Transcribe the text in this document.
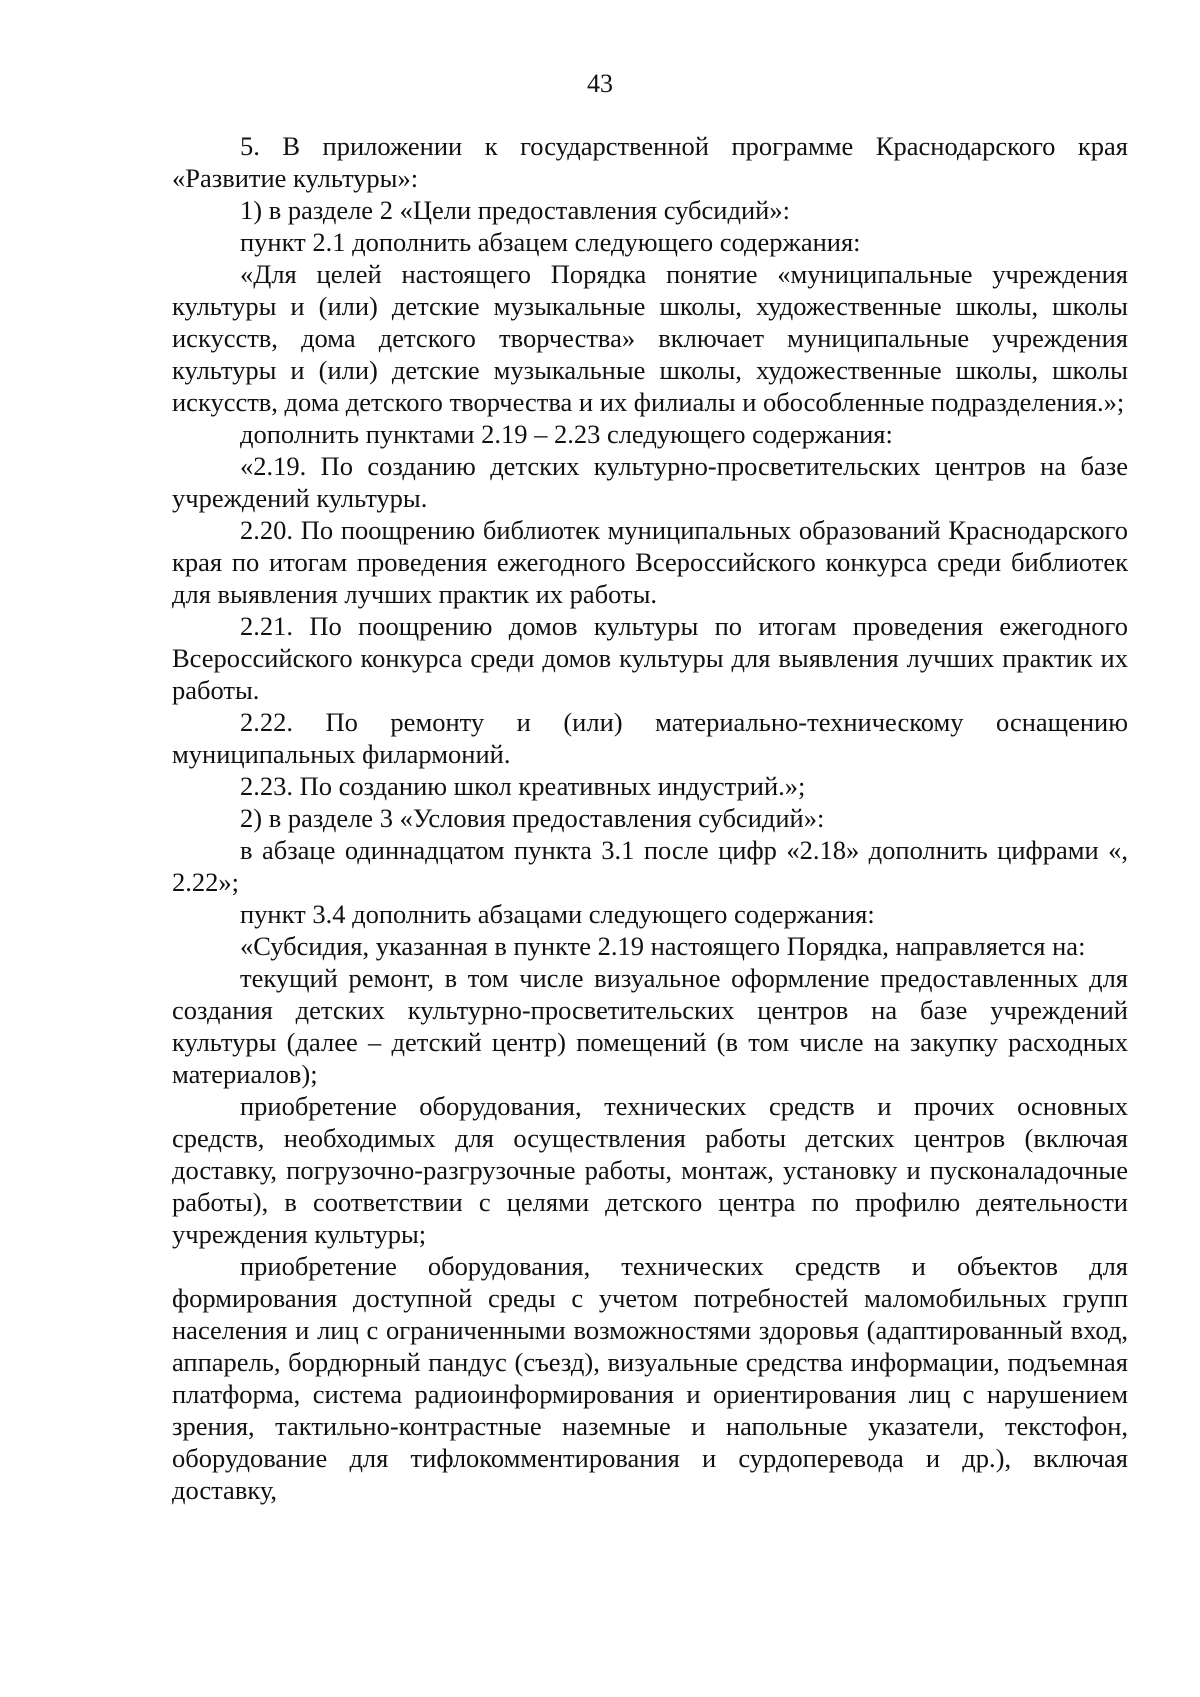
43

5. В приложении к государственной программе Краснодарского края «Развитие культуры»:

1) в разделе 2 «Цели предоставления субсидий»:

пункт 2.1 дополнить абзацем следующего содержания:

«Для целей настоящего Порядка понятие «муниципальные учреждения культуры и (или) детские музыкальные школы, художественные школы, школы искусств, дома детского творчества» включает муниципальные учреждения культуры и (или) детские музыкальные школы, художественные школы, школы искусств, дома детского творчества и их филиалы и обособленные подразделения.»;

дополнить пунктами 2.19 – 2.23 следующего содержания:

«2.19. По созданию детских культурно-просветительских центров на базе учреждений культуры.

2.20. По поощрению библиотек муниципальных образований Краснодарского края по итогам проведения ежегодного Всероссийского конкурса среди библиотек для выявления лучших практик их работы.

2.21. По поощрению домов культуры по итогам проведения ежегодного Всероссийского конкурса среди домов культуры для выявления лучших практик их работы.

2.22. По ремонту и (или) материально-техническому оснащению муниципальных филармоний.

2.23. По созданию школ креативных индустрий.»;

2) в разделе 3 «Условия предоставления субсидий»:

в абзаце одиннадцатом пункта 3.1 после цифр «2.18» дополнить цифрами «, 2.22»;

пункт 3.4 дополнить абзацами следующего содержания:

«Субсидия, указанная в пункте 2.19 настоящего Порядка, направляется на:

текущий ремонт, в том числе визуальное оформление предоставленных для создания детских культурно-просветительских центров на базе учреждений культуры (далее – детский центр) помещений (в том числе на закупку расходных материалов);

приобретение оборудования, технических средств и прочих основных средств, необходимых для осуществления работы детских центров (включая доставку, погрузочно-разгрузочные работы, монтаж, установку и пусконаладочные работы), в соответствии с целями детского центра по профилю деятельности учреждения культуры;

приобретение оборудования, технических средств и объектов для формирования доступной среды с учетом потребностей маломобильных групп населения и лиц с ограниченными возможностями здоровья (адаптированный вход, аппарель, бордюрный пандус (съезд), визуальные средства информации, подъемная платформа, система радиоинформирования и ориентирования лиц с нарушением зрения, тактильно-контрастные наземные и напольные указатели, текстофон, оборудование для тифлокомментирования и сурдоперевода и др.), включая доставку,
